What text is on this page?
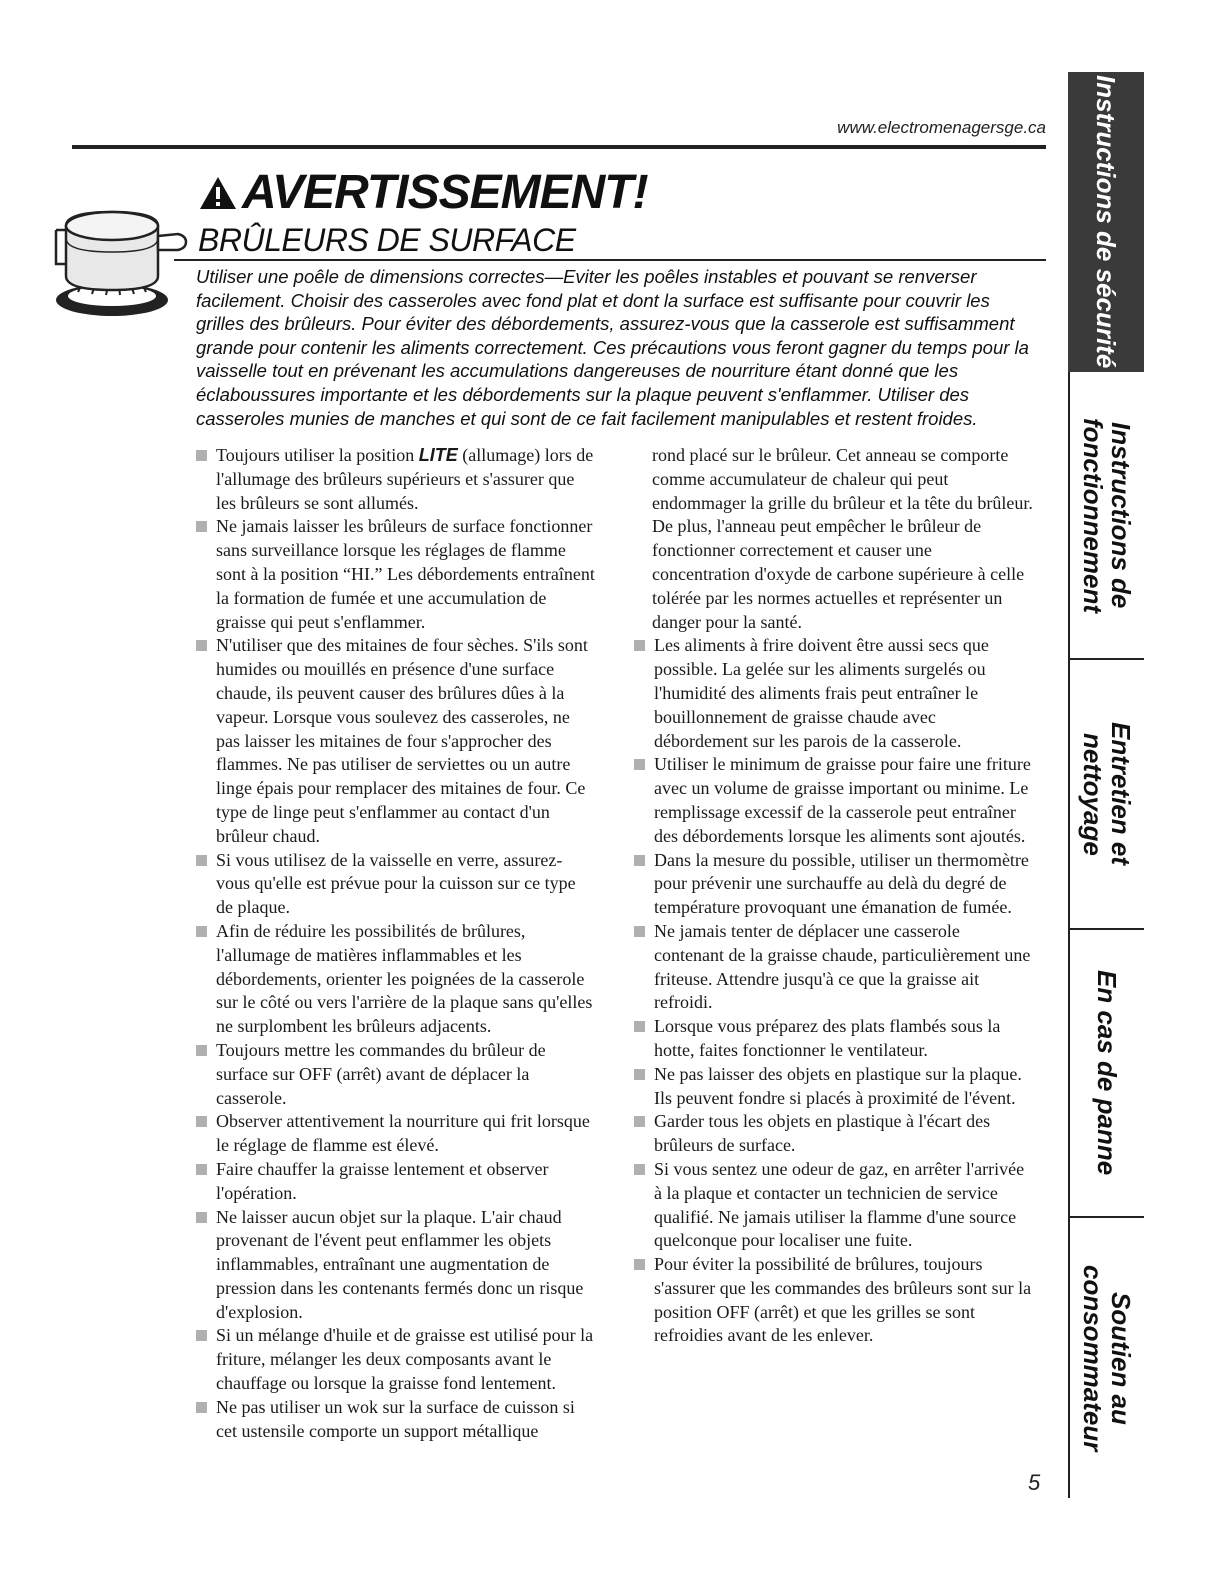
www.electromenagersge.ca
AVERTISSEMENT!
BRÛLEURS DE SURFACE

Utiliser une poêle de dimensions correctes—Eviter les poêles instables et pouvant se renverser facilement. Choisir des casseroles avec fond plat et dont la surface est suffisante pour couvrir les grilles des brûleurs. Pour éviter des débordements, assurez-vous que la casserole est suffisamment grande pour contenir les aliments correctement. Ces précautions vous feront gagner du temps pour la vaisselle tout en prévenant les accumulations dangereuses de nourriture étant donné que les éclaboussures importante et les débordements sur la plaque peuvent s'enflammer. Utiliser des casseroles munies de manches et qui sont de ce fait facilement manipulables et restent froides.

Toujours utiliser la position LITE (allumage) lors de l'allumage des brûleurs supérieurs et s'assurer que les brûleurs se sont allumés.
Ne jamais laisser les brûleurs de surface fonctionner sans surveillance lorsque les réglages de flamme sont à la position “HI.” Les débordements entraînent la formation de fumée et une accumulation de graisse qui peut s'enflammer.
N'utiliser que des mitaines de four sèches. S'ils sont humides ou mouillés en présence d'une surface chaude, ils peuvent causer des brûlures dûes à la vapeur. Lorsque vous soulevez des casseroles, ne pas laisser les mitaines de four s'approcher des flammes. Ne pas utiliser de serviettes ou un autre linge épais pour remplacer des mitaines de four. Ce type de linge peut s'enflammer au contact d'un brûleur chaud.
Si vous utilisez de la vaisselle en verre, assurez-vous qu'elle est prévue pour la cuisson sur ce type de plaque.
Afin de réduire les possibilités de brûlures, l'allumage de matières inflammables et les débordements, orienter les poignées de la casserole sur le côté ou vers l'arrière de la plaque sans qu'elles ne surplombent les brûleurs adjacents.
Toujours mettre les commandes du brûleur de surface sur OFF (arrêt) avant de déplacer la casserole.
Observer attentivement la nourriture qui frit lorsque le réglage de flamme est élevé.
Faire chauffer la graisse lentement et observer l'opération.
Ne laisser aucun objet sur la plaque. L'air chaud provenant de l'évent peut enflammer les objets inflammables, entraînant une augmentation de pression dans les contenants fermés donc un risque d'explosion.
Si un mélange d'huile et de graisse est utilisé pour la friture, mélanger les deux composants avant le chauffage ou lorsque la graisse fond lentement.
Ne pas utiliser un wok sur la surface de cuisson si cet ustensile comporte un support métallique
rond placé sur le brûleur. Cet anneau se comporte comme accumulateur de chaleur qui peut endommager la grille du brûleur et la tête du brûleur. De plus, l'anneau peut empêcher le brûleur de fonctionner correctement et causer une concentration d'oxyde de carbone supérieure à celle tolérée par les normes actuelles et représenter un danger pour la santé.
Les aliments à frire doivent être aussi secs que possible. La gelée sur les aliments surgelés ou l'humidité des aliments frais peut entraîner le bouillonnement de graisse chaude avec débordement sur les parois de la casserole.
Utiliser le minimum de graisse pour faire une friture avec un volume de graisse important ou minime. Le remplissage excessif de la casserole peut entraîner des débordements lorsque les aliments sont ajoutés.
Dans la mesure du possible, utiliser un thermomètre pour prévenir une surchauffe au delà du degré de température provoquant une émanation de fumée.
Ne jamais tenter de déplacer une casserole contenant de la graisse chaude, particulièrement une friteuse. Attendre jusqu'à ce que la graisse ait refroidi.
Lorsque vous préparez des plats flambés sous la hotte, faites fonctionner le ventilateur.
Ne pas laisser des objets en plastique sur la plaque. Ils peuvent fondre si placés à proximité de l'évent.
Garder tous les objets en plastique à l'écart des brûleurs de surface.
Si vous sentez une odeur de gaz, en arrêter l'arrivée à la plaque et contacter un technicien de service qualifié. Ne jamais utiliser la flamme d'une source quelconque pour localiser une fuite.
Pour éviter la possibilité de brûlures, toujours s'assurer que les commandes des brûleurs sont sur la position OFF (arrêt) et que les grilles se sont refroidies avant de les enlever.
5
Instructions de sécurité
Instructions de fonctionnement
Entretien et nettoyage
En cas de panne
Soutien au consommateur
